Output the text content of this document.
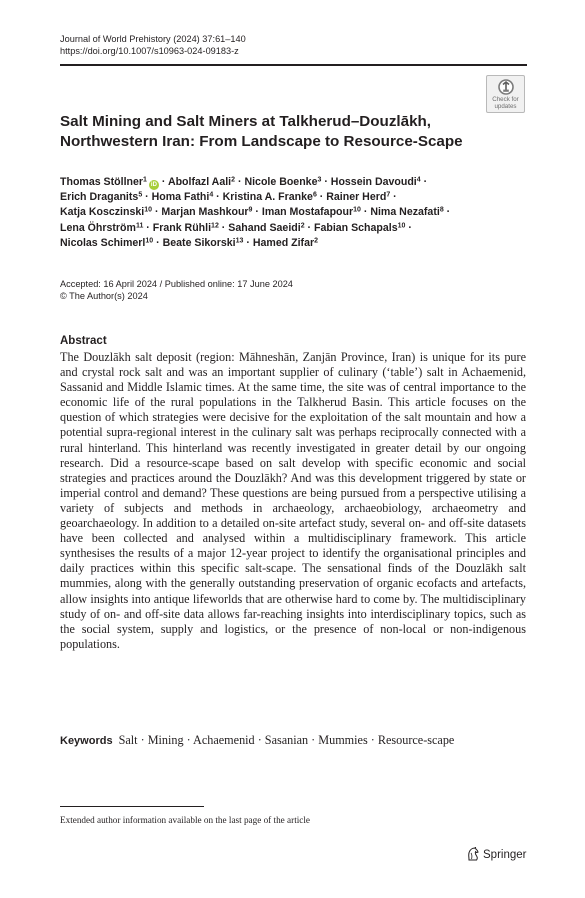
Journal of World Prehistory (2024) 37:61–140
https://doi.org/10.1007/s10963-024-09183-z
Check for
updates
Salt Mining and Salt Miners at Talkherud–Douzlākh,
Northwestern Iran: From Landscape to Resource-Scape
Thomas Stöllner$^1$iD · Abolfazl Aali$^2$ · Nicole Boenke$^3$ · Hossein Davoudi$^4$ ·
Erich Draganits$^5$ · Homa Fathi$^4$ · Kristina A. Franke$^6$ · Rainer Herd$^7$ ·
Katja Kosczinski$^{10}$ · Marjan Mashkour$^9$ · Iman Mostafapour$^{10}$ · Nima Nezafati$^8$ ·
Lena Öhrström$^{11}$ · Frank Rühli$^{12}$ · Sahand Saeidi$^2$ · Fabian Schapals$^{10}$ ·
Nicolas Schimerl$^{10}$ · Beate Sikorski$^{13}$ · Hamed Zifar$^2$
Accepted: 16 April 2024 / Published online: 17 June 2024
© The Author(s) 2024
Abstract

The Douzlākh salt deposit (region: Māhneshān, Zanjān Province, Iran) is unique for its pure and crystal rock salt and was an important supplier of culinary (‘table’) salt in Achaemenid, Sassanid and Middle Islamic times. At the same time, the site was of central importance to the economic life of the rural populations in the Talkherud Basin. This article focuses on the question of which strategies were decisive for the exploitation of the salt mountain and how a potential supra-regional interest in the culinary salt was perhaps reciprocally connected with a rural hinterland. This hinterland was recently investigated in greater detail by our ongoing research. Did a resource-scape based on salt develop with specific economic and social strategies and practices around the Douzlākh? And was this development triggered by state or imperial control and demand? These questions are being pursued from a perspective utilising a variety of subjects and methods in archaeology, archaeobiology, archaeometry and geoarchaeology. In addition to a detailed on-site artefact study, several on- and off-site datasets have been collected and analysed within a multidisciplinary framework. This article synthesises the results of a major 12-year project to identify the organisational principles and daily practices within this specific salt-scape. The sensational finds of the Douzlākh salt mummies, along with the generally outstanding preservation of organic ecofacts and artefacts, allow insights into antique lifeworlds that are otherwise hard to come by. The multidisciplinary study of on- and off-site data allows far-reaching insights into interdisciplinary topics, such as the social system, supply and logistics, or the presence of non-local or non-indigenous populations.

Keywords Salt · Mining · Achaemenid · Sasanian · Mummies · Resource-scape
Extended author information available on the last page of the article
Springer
